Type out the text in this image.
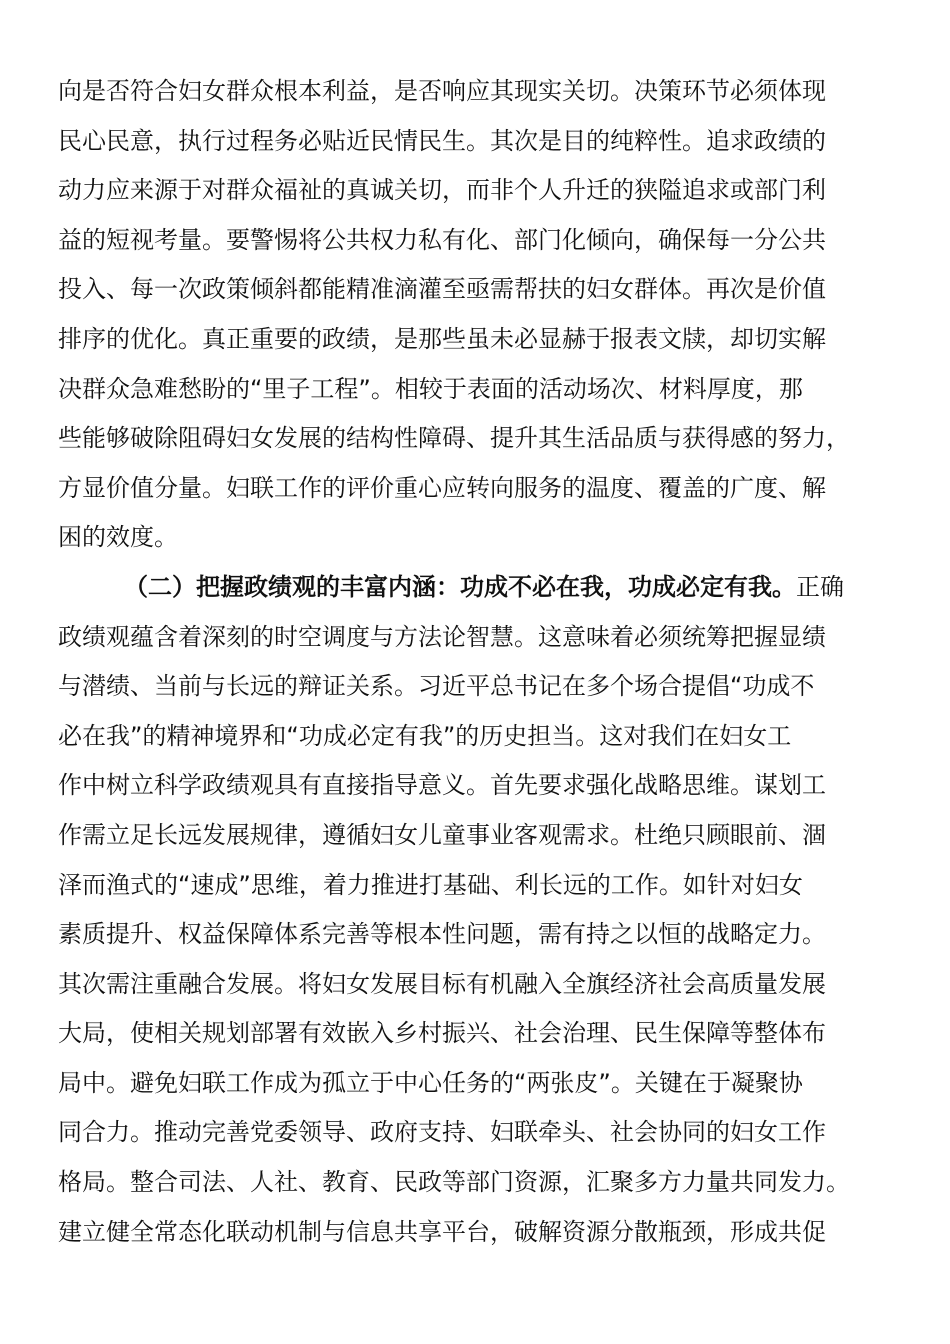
向是否符合妇女群众根本利益，是否响应其现实关切。决策环节必须体现
民心民意，执行过程务必贴近民情民生。其次是目的纯粹性。追求政绩的
动力应来源于对群众福祉的真诚关切，而非个人升迁的狭隘追求或部门利
益的短视考量。要警惕将公共权力私有化、部门化倾向，确保每一分公共
投入、每一次政策倾斜都能精准滴灌至亟需帮扶的妇女群体。再次是价值
排序的优化。真正重要的政绩，是那些虽未必显赫于报表文牍，却切实解
决群众急难愁盼的“里子工程”。相较于表面的活动场次、材料厚度，那
些能够破除阻碍妇女发展的结构性障碍、提升其生活品质与获得感的努力，
方显价值分量。妇联工作的评价重心应转向服务的温度、覆盖的广度、解
困的效度。
（二）把握政绩观的丰富内涵：功成不必在我，功成必定有我。正确
政绩观蕴含着深刻的时空调度与方法论智慧。这意味着必须统筹把握显绩
与潜绩、当前与长远的辩证关系。习近平总书记在多个场合提倡“功成不
必在我”的精神境界和“功成必定有我”的历史担当。这对我们在妇女工
作中树立科学政绩观具有直接指导意义。首先要求强化战略思维。谋划工
作需立足长远发展规律，遵循妇女儿童事业客观需求。杜绝只顾眼前、涸
泽而渔式的“速成”思维，着力推进打基础、利长远的工作。如针对妇女
素质提升、权益保障体系完善等根本性问题，需有持之以恒的战略定力。
其次需注重融合发展。将妇女发展目标有机融入全旗经济社会高质量发展
大局，使相关规划部署有效嵌入乡村振兴、社会治理、民生保障等整体布
局中。避免妇联工作成为孤立于中心任务的“两张皮”。关键在于凝聚协
同合力。推动完善党委领导、政府支持、妇联牵头、社会协同的妇女工作
格局。整合司法、人社、教育、民政等部门资源，汇聚多方力量共同发力。
建立健全常态化联动机制与信息共享平台，破解资源分散瓶颈，形成共促
